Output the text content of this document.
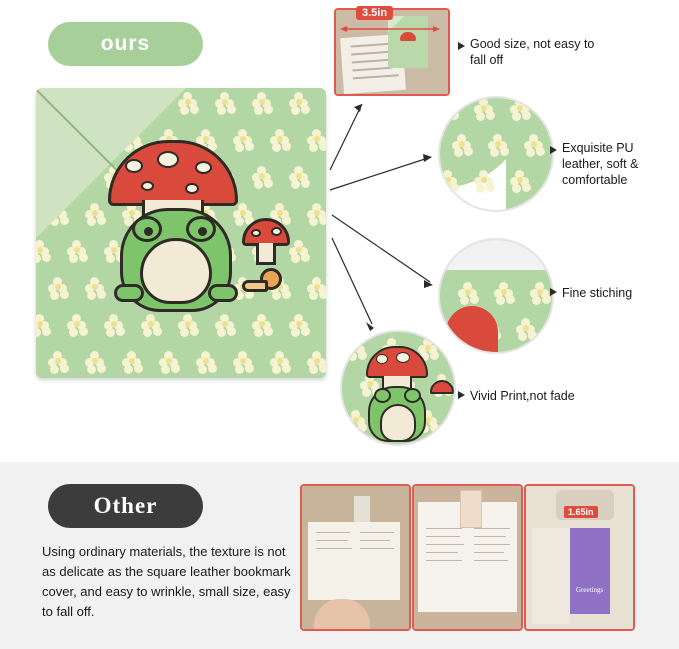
ours
3.5in
Good size, not easy to fall off
Exquisite PU leather, soft & comfortable
Fine stiching
Vivid Print,not fade
Other
Using ordinary materials, the texture is not as delicate as the square leather bookmark cover, and easy to wrinkle, small size, easy to fall off.
1.65in
Greetings
